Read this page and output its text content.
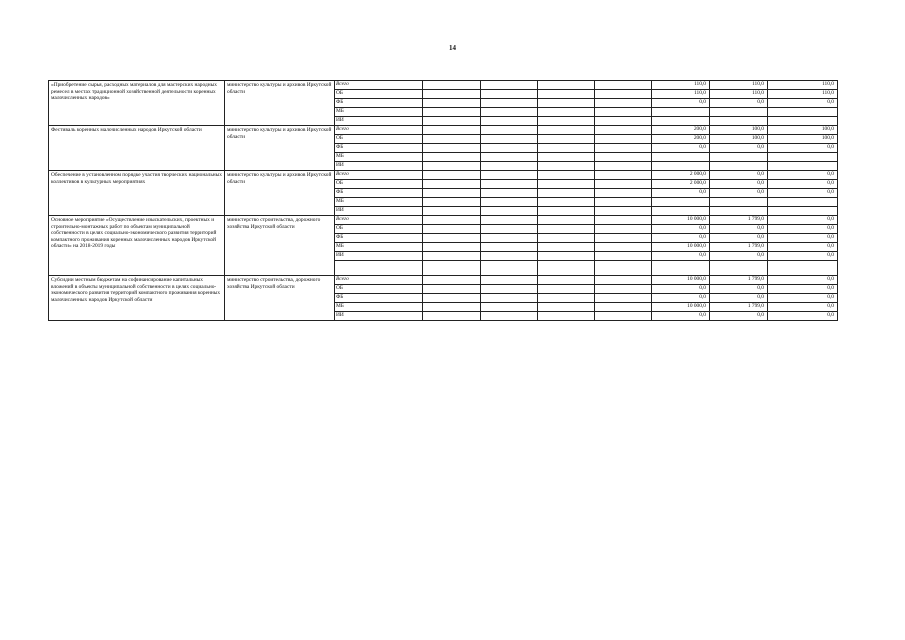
14
«Приобретение сырья, расходных материалов для мастерских народных ремесел в местах традиционной хозяйственной деятельности коренных малочисленных народов»	министерство культуры и архивов Иркутской области	Всего					110,0	110,0	110,0
		ОБ					110,0	110,0	110,0
		ФБ					0,0	0,0	0,0
		МБ							
		ИИ							
Фестиваль коренных малочисленных народов Иркутской области	министерство культуры и архивов Иркутской области	Всего					200,0	100,0	100,0
		ОБ					200,0	100,0	100,0
		ФБ					0,0	0,0	0,0
		МБ							
		ИИ							
Обеспечение в установленном порядке участия творческих национальных коллективов в культурных мероприятиях	министерство культуры и архивов Иркутской области	Всего					2 000,0	0,0	0,0
		ОБ					2 000,0	0,0	0,0
		ФБ					0,0	0,0	0,0
		МБ							
		ИИ							
Основное мероприятие «Осуществление изыскательских, проектных и строительно-монтажных работ по объектам муниципальной собственности в целях социально-экономического развития территорий компактного проживания коренных малочисленных народов Иркутской области» на 2018-2019 годы	министерство строительства, дорожного хозяйства Иркутской области	Всего					10 000,0	1 799,0	0,0
		ОБ					0,0	0,0	0,0
		ФБ					0,0	0,0	0,0
		МБ					10 000,0	1 799,0	0,0
		ИИ					0,0	0,0	0,0

Субсидии местным бюджетам на софинансирование капитальных вложений в объекты муниципальной собственности в целях социально-экономического развития территорий компактного проживания коренных малочисленных народов Иркутской области	министерство строительства, дорожного хозяйства Иркутской области	Всего					10 000,0	1 799,0	0,0
		ОБ					0,0	0,0	0,0
		ФБ					0,0	0,0	0,0
		МБ					10 000,0	1 799,0	0,0
		ИИ					0,0	0,0	0,0
